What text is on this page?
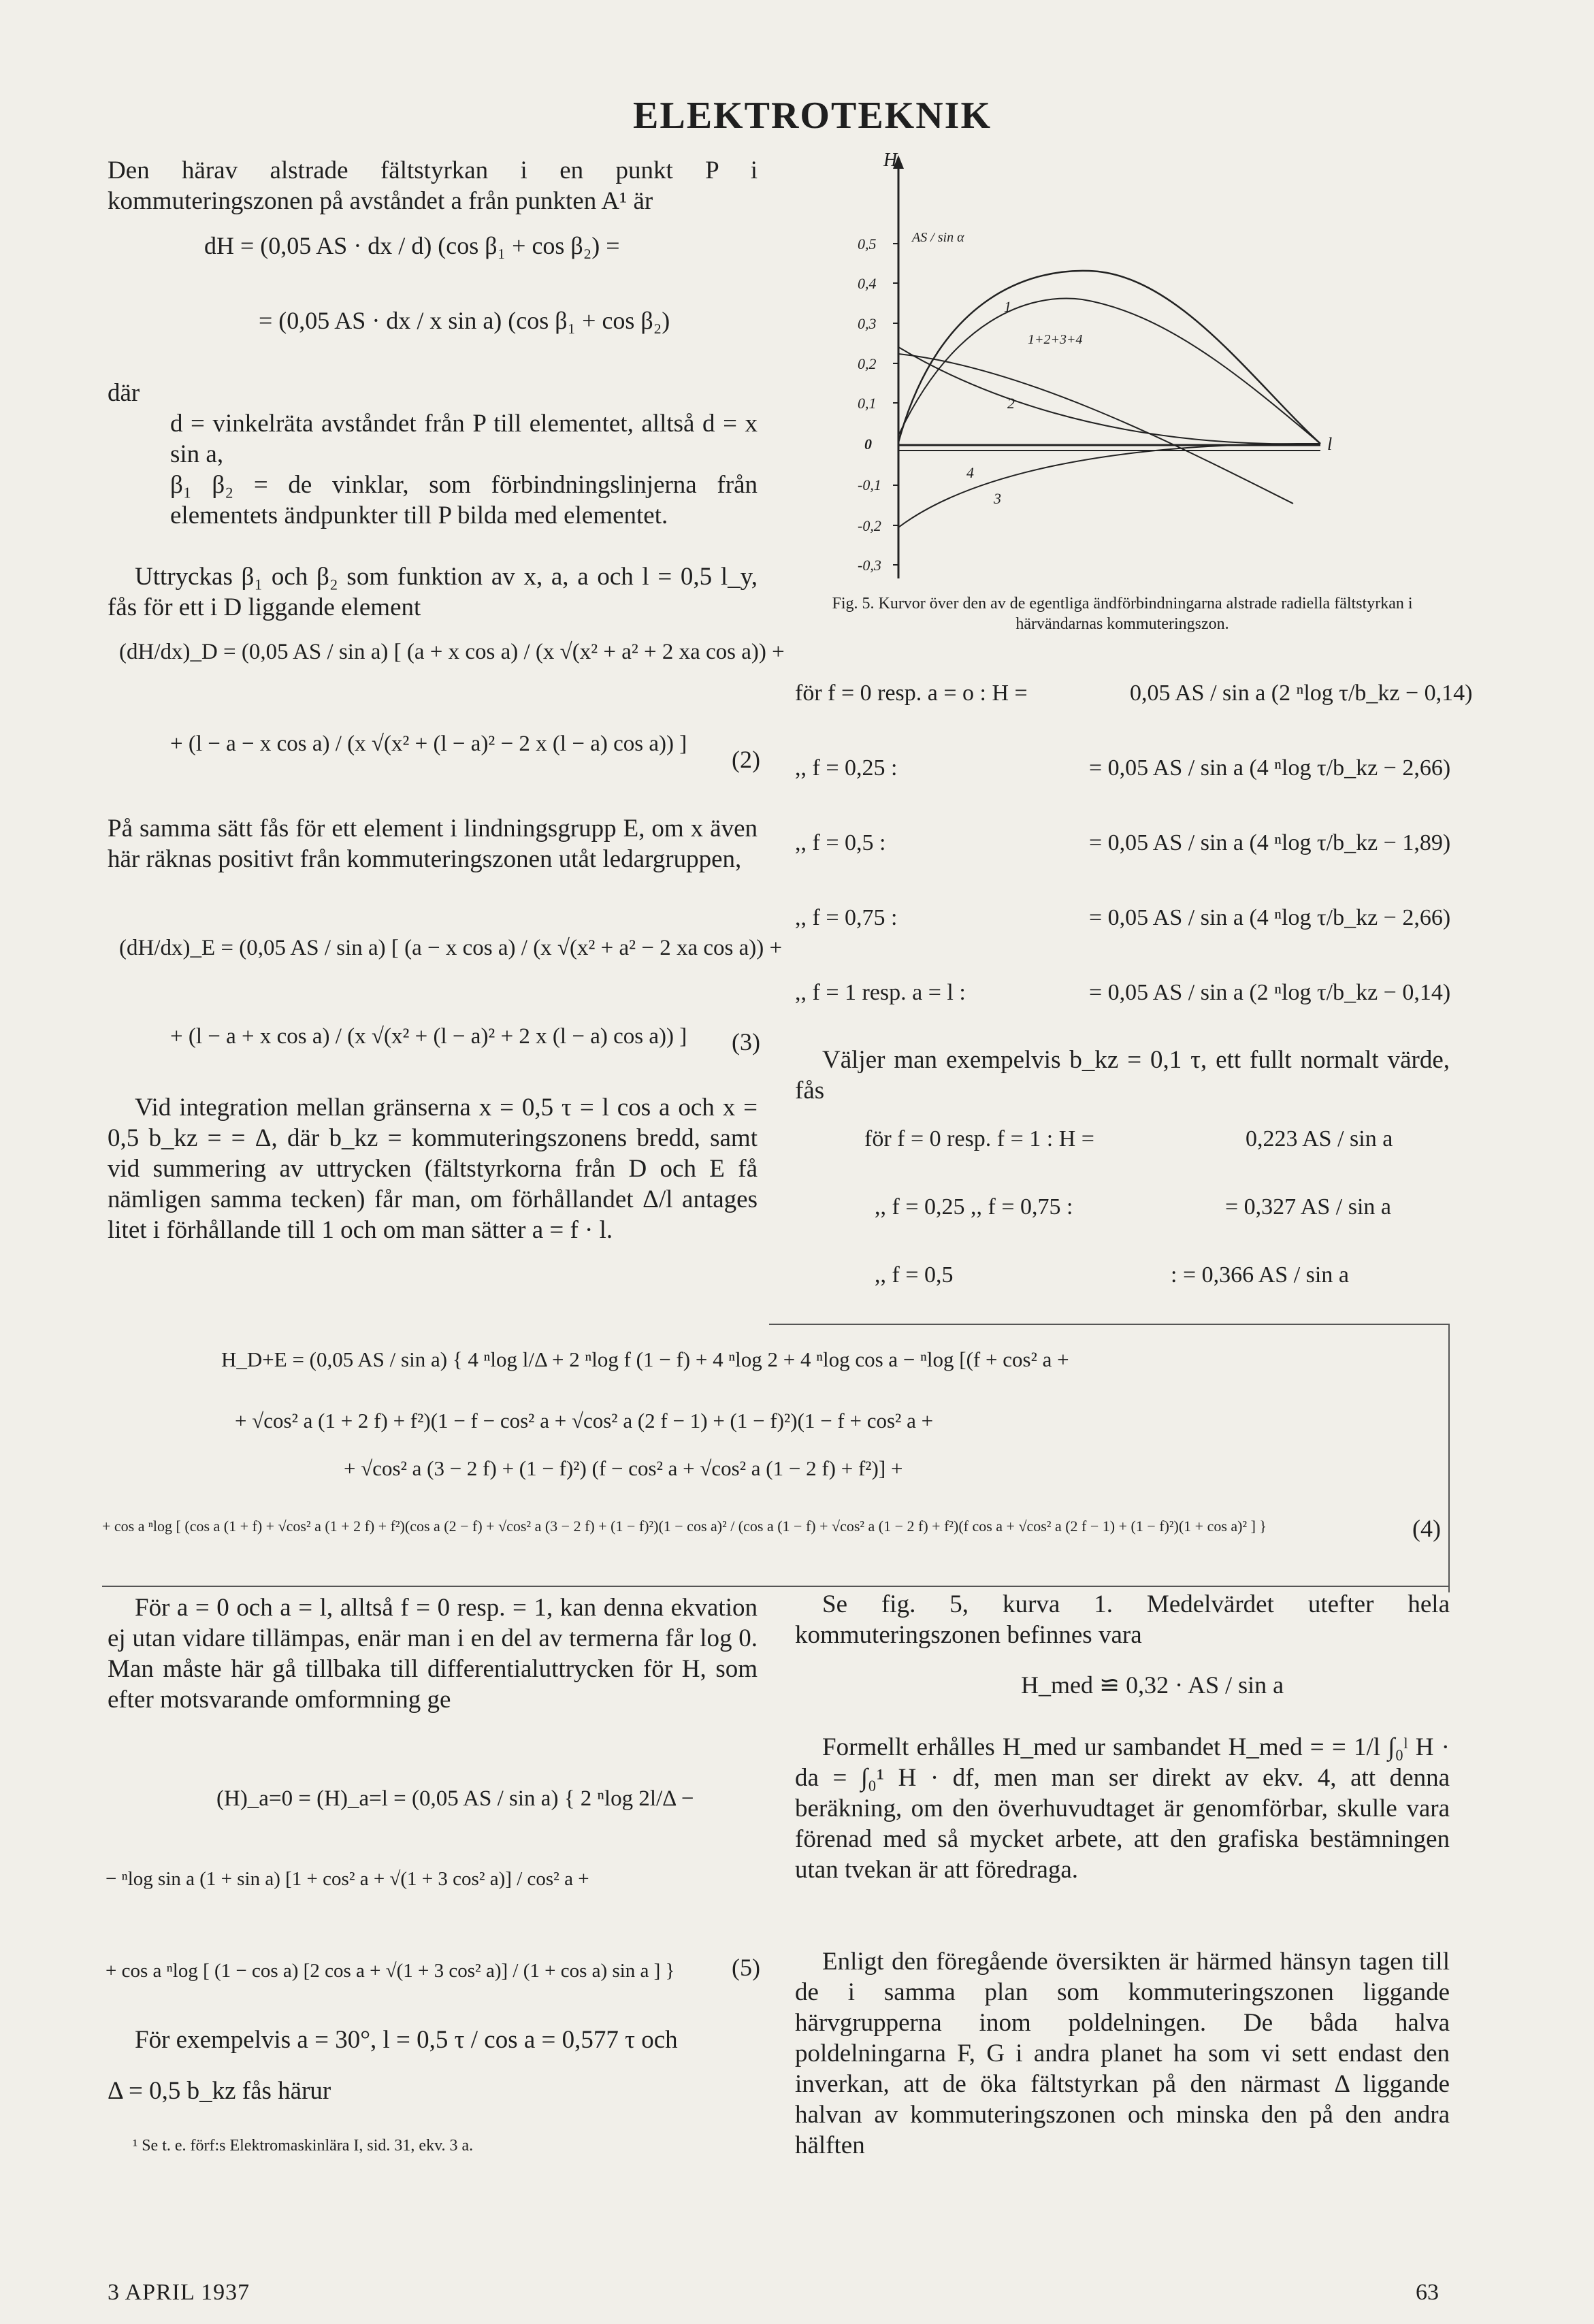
ELEKTROTEKNIK
Den härav alstrade fältstyrkan i en punkt P i kommuteringszonen på avståndet a från punkten A¹ är
dH = (0,05 AS · dx / d) (cos β₁ + cos β₂) =
= (0,05 AS · dx / x sin a) (cos β₁ + cos β₂)
där
d = vinkelräta avståndet från P till elementet, alltså d = x sin a,
β₁ β₂ = de vinklar, som förbindningslinjerna från elementets ändpunkter till P bilda med elementet.
Uttryckas β₁ och β₂ som funktion av x, a, a och l = 0,5 l_y, fås för ett i D liggande element
(dH/dx)_D = (0,05 AS / sin a) [ (a + x cos a) / (x √(x² + a² + 2 xa cos a)) +
+ (l − a − x cos a) / (x √(x² + (l − a)² − 2 x (l − a) cos a)) ]
(2)
På samma sätt fås för ett element i lindningsgrupp E, om x även här räknas positivt från kommuteringszonen utåt ledargruppen,
(dH/dx)_E = (0,05 AS / sin a) [ (a − x cos a) / (x √(x² + a² − 2 xa cos a)) +
+ (l − a + x cos a) / (x √(x² + (l − a)² + 2 x (l − a) cos a)) ] (3)
Vid integration mellan gränserna x = 0,5 τ = l cos a och x = 0,5 b_kz = = Δ, där b_kz = kommuteringszonens bredd, samt vid summering av uttrycken (fältstyrkorna från D och E få nämligen samma tecken) får man, om förhållandet Δ/l antages litet i förhållande till 1 och om man sätter a = f · l.
H
AS / sin α
0,5
0,4
0,3
0,2
0,1
0
-0,1
-0,2
-0,3
1
1+2+3+4
2
3
4
l
Fig. 5. Kurvor över den av de egentliga ändförbindningarna alstrade radiella fältstyrkan i härvändarnas kommuteringszon.
för f = 0 resp. a = o : H =	0,05 AS / sin a (2 ⁿlog τ/b_kz − 0,14)
,, f = 0,25 :	= 0,05 AS / sin a (4 ⁿlog τ/b_kz − 2,66)
,, f = 0,5 :	= 0,05 AS / sin a (4 ⁿlog τ/b_kz − 1,89)
,, f = 0,75 :	= 0,05 AS / sin a (4 ⁿlog τ/b_kz − 2,66)
,, f = 1 resp. a = l :	= 0,05 AS / sin a (2 ⁿlog τ/b_kz − 0,14)
Väljer man exempelvis b_kz = 0,1 τ, ett fullt normalt värde, fås
för f = 0 resp. f = 1 : H =	0,223 AS / sin a
,, f = 0,25 ,, f = 0,75 :	= 0,327 AS / sin a
,, f = 0,5	: = 0,366 AS / sin a
H_D+E = (0,05 AS / sin a) { 4 ⁿlog l/Δ + 2 ⁿlog f (1 − f) + 4 ⁿlog 2 + 4 ⁿlog cos a − ⁿlog [(f + cos² a +
+ √cos² a (1 + 2 f) + f²)(1 − f − cos² a + √cos² a (2 f − 1) + (1 − f)²)(1 − f + cos² a +
+ √cos² a (3 − 2 f) + (1 − f)²) (f − cos² a + √cos² a (1 − 2 f) + f²)] +
+ cos a ⁿlog [ (cos a (1 + f) + √cos² a (1 + 2 f) + f²)(cos a (2 − f) + √cos² a (3 − 2 f) + (1 − f)²)(1 − cos a)² / (cos a (1 − f) + √cos² a (1 − 2 f) + f²)(f cos a + √cos² a (2 f − 1) + (1 − f)²)(1 + cos a)² ] }	(4)
För a = 0 och a = l, alltså f = 0 resp. = 1, kan denna ekvation ej utan vidare tillämpas, enär man i en del av termerna får log 0. Man måste här gå tillbaka till differentialuttrycken för H, som efter motsvarande omformning ge
(H)_a=0 = (H)_a=l = (0,05 AS / sin a) { 2 ⁿlog 2l/Δ −
− ⁿlog sin a (1 + sin a) [1 + cos² a + √(1 + 3 cos² a)] / cos² a +
+ cos a ⁿlog [ (1 − cos a) [2 cos a + √(1 + 3 cos² a)] / (1 + cos a) sin a ] } (5)
För exempelvis a = 30°, l = 0,5 τ / cos a = 0,577 τ och
Δ = 0,5 b_kz fås härur
¹ Se t. e. förf:s Elektromaskinlära I, sid. 31, ekv. 3 a.
Se fig. 5, kurva 1. Medelvärdet utefter hela kommuteringszonen befinnes vara
H_med ≌ 0,32 · AS / sin a
Formellt erhålles H_med ur sambandet H_med = = 1/l ∫₀ˡ H · da = ∫₀¹ H · df, men man ser direkt av ekv. 4, att denna beräkning, om den överhuvudtaget är genomförbar, skulle vara förenad med så mycket arbete, att den grafiska bestämningen utan tvekan är att föredraga.
Enligt den föregående översikten är härmed hänsyn tagen till de i samma plan som kommuteringszonen liggande härvgrupperna inom poldelningen. De båda halva poldelningarna F, G i andra planet ha som vi sett endast den inverkan, att de öka fältstyrkan på den närmast Δ liggande halvan av kommuteringszonen och minska den på den andra hälften
3 APRIL 1937	63
